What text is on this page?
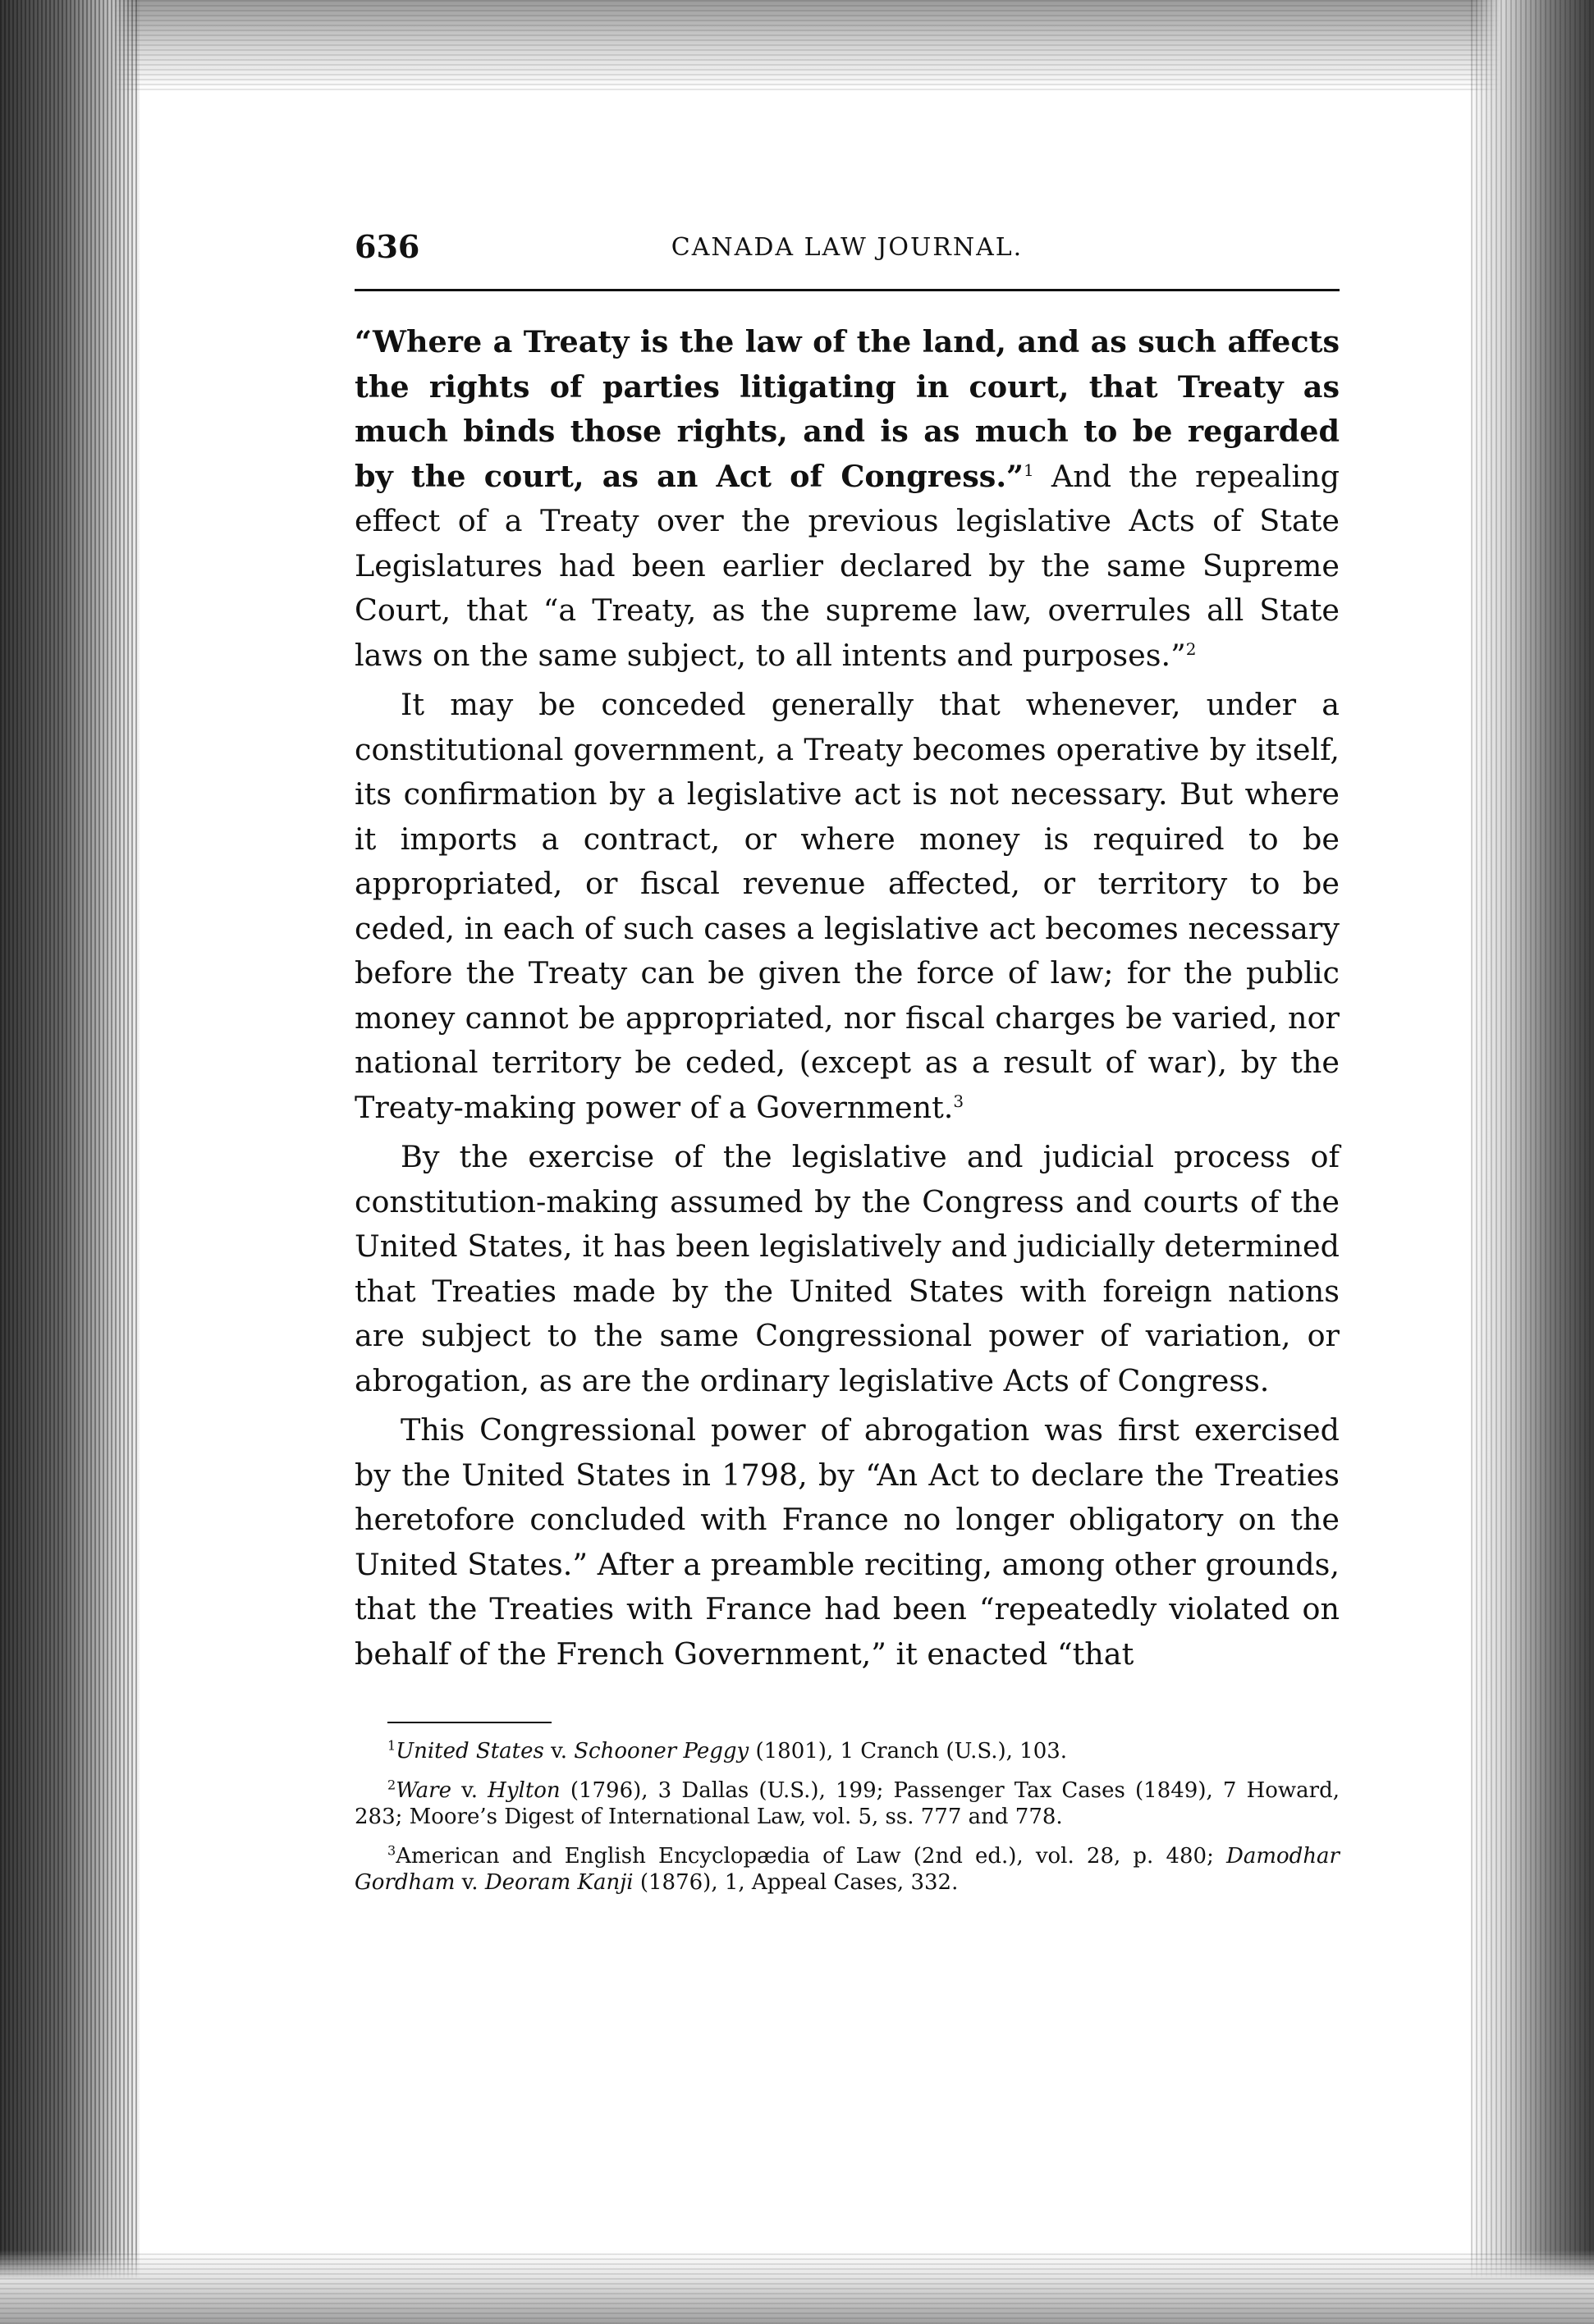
636	CANADA LAW JOURNAL.

“Where a Treaty is the law of the land, and as such affects the rights of parties litigating in court, that Treaty as much binds those rights, and is as much to be regarded by the court, as an Act of Congress.”$^1$ And the repealing effect of a Treaty over the previous legislative Acts of State Legislatures had been earlier declared by the same Supreme Court, that “a Treaty, as the supreme law, overrules all State laws on the same subject, to all intents and purposes.”$^2$

It may be conceded generally that whenever, under a constitutional government, a Treaty becomes operative by itself, its confirmation by a legislative act is not necessary. But where it imports a contract, or where money is required to be appropriated, or fiscal revenue affected, or territory to be ceded, in each of such cases a legislative act becomes necessary before the Treaty can be given the force of law; for the public money cannot be appropriated, nor fiscal charges be varied, nor national territory be ceded, (except as a result of war), by the Treaty-making power of a Government.$^3$

By the exercise of the legislative and judicial process of constitution-making assumed by the Congress and courts of the United States, it has been legislatively and judicially determined that Treaties made by the United States with foreign nations are subject to the same Congressional power of variation, or abrogation, as are the ordinary legislative Acts of Congress.

This Congressional power of abrogation was first exercised by the United States in 1798, by “An Act to declare the Treaties heretofore concluded with France no longer obligatory on the United States.” After a preamble reciting, among other grounds, that the Treaties with France had been “repeatedly violated on behalf of the French Government,” it enacted “that

$^1$United States v. Schooner Peggy (1801), 1 Cranch (U.S.), 103.

$^2$Ware v. Hylton (1796), 3 Dallas (U.S.), 199; Passenger Tax Cases (1849), 7 Howard, 283; Moore’s Digest of International Law, vol. 5, ss. 777 and 778.

$^3$American and English Encyclopædia of Law (2nd ed.), vol. 28, p. 480; Damodhar Gordham v. Deoram Kanji (1876), 1, Appeal Cases, 332.
